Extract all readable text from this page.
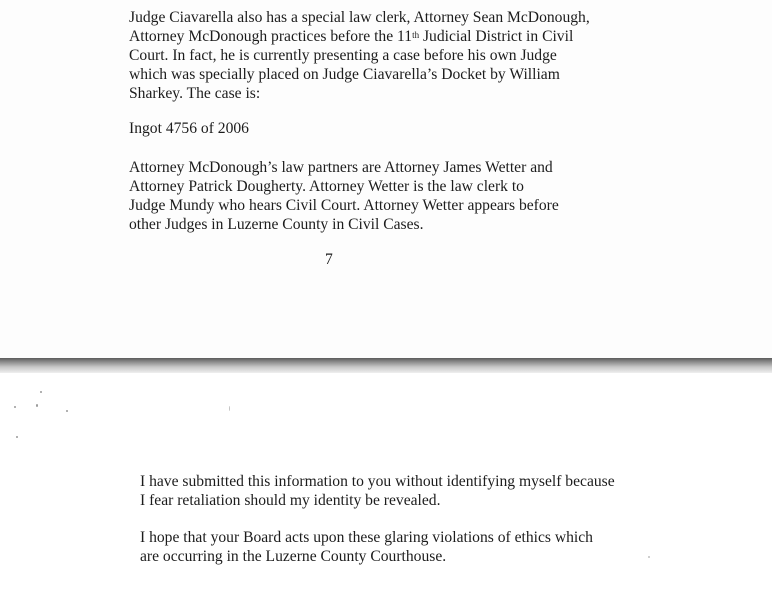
Judge Ciavarella also has a special law clerk, Attorney Sean McDonough,
Attorney McDonough practices before the 11th Judicial District in Civil
Court. In fact, he is currently presenting a case before his own Judge
which was specially placed on Judge Ciavarella’s Docket by William
Sharkey. The case is:

Ingot 4756 of 2006

Attorney McDonough’s law partners are Attorney James Wetter and
Attorney Patrick Dougherty. Attorney Wetter is the law clerk to
Judge Mundy who hears Civil Court. Attorney Wetter appears before
other Judges in Luzerne County in Civil Cases.

7

I have submitted this information to you without identifying myself because
I fear retaliation should my identity be revealed.

I hope that your Board acts upon these glaring violations of ethics which
are occurring in the Luzerne County Courthouse.
